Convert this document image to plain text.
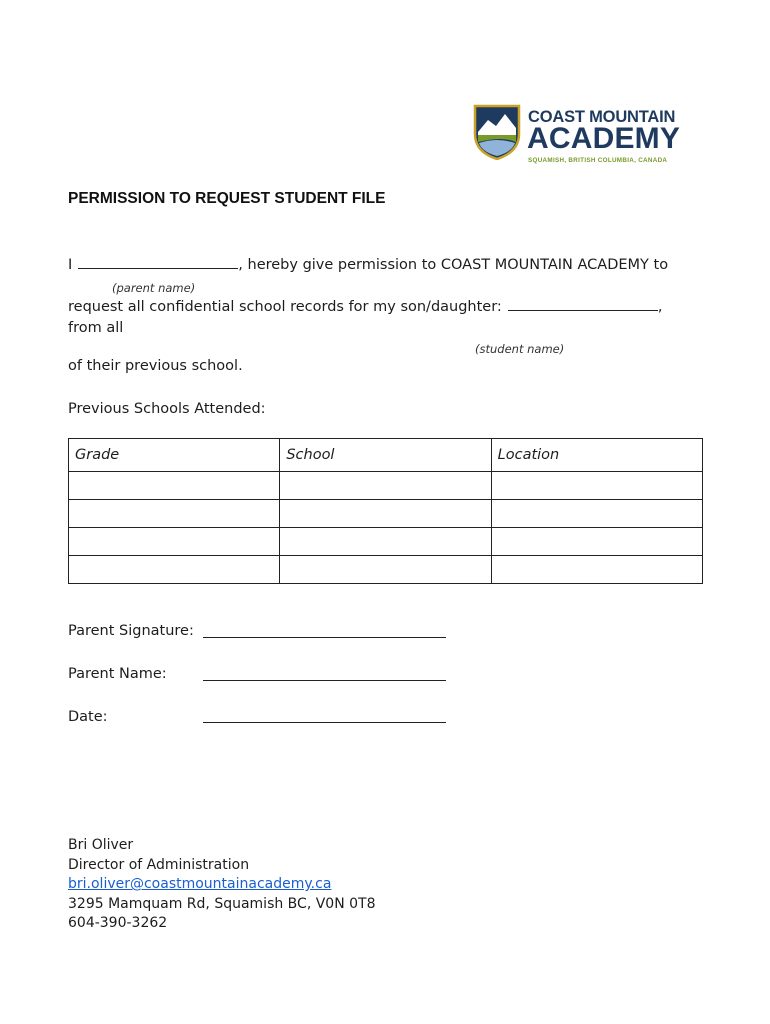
COAST MOUNTAIN
ACADEMY
SQUAMISH, BRITISH COLUMBIA, CANADA
PERMISSION TO REQUEST STUDENT FILE
I	, hereby give permission to COAST MOUNTAIN ACADEMY to
(parent name)
request all confidential school records for my son/daughter:	,
from all
(student name)
of their previous school.
Previous Schools Attended:
Grade	School	Location

Parent Signature:
Parent Name:
Date:
Bri Oliver
Director of Administration
bri.oliver@coastmountainacademy.ca
3295 Mamquam Rd, Squamish BC, V0N 0T8
604-390-3262
